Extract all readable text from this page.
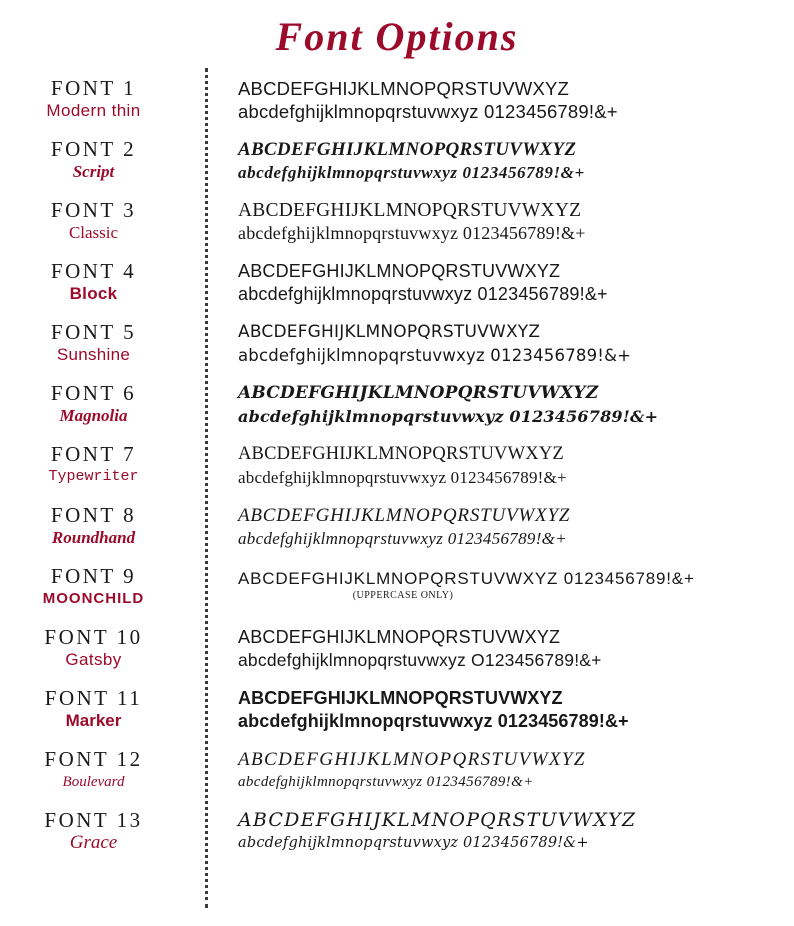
Font Options
FONT 1
Modern thin
ABCDEFGHIJKLMNOPQRSTUVWXYZ
abcdefghijklmnopqrstuvwxyz 0123456789!&+
FONT 2
Script
ABCDEFGHIJKLMNOPQRSTUVWXYZ
abcdefghijklmnopqrstuvwxyz 0123456789!&+
FONT 3
Classic
ABCDEFGHIJKLMNOPQRSTUVWXYZ
abcdefghijklmnopqrstuvwxyz 0123456789!&+
FONT 4
Block
ABCDEFGHIJKLMNOPQRSTUVWXYZ
abcdefghijklmnopqrstuvwxyz 0123456789!&+
FONT 5
Sunshine
ABCDEFGHIJKLMNOPQRSTUVWXYZ
abcdefghijklmnopqrstuvwxyz 0123456789!&+
FONT 6
Magnolia
ABCDEFGHIJKLMNOPQRSTUVWXYZ
abcdefghijklmnopqrstuvwxyz 0123456789!&+
FONT 7
Typewriter
ABCDEFGHIJKLMNOPQRSTUVWXYZ
abcdefghijklmnopqrstuvwxyz 0123456789!&+
FONT 8
Roundhand
ABCDEFGHIJKLMNOPQRSTUVWXYZ
abcdefghijklmnopqrstuvwxyz 0123456789!&+
FONT 9
MOONCHILD
ABCDEFGHIJKLMNOPQRSTUVWXYZ 0123456789!&+
(UPPERCASE ONLY)
FONT 10
Gatsby
ABCDEFGHIJKLMNOPQRSTUVWXYZ
abcdefghijklmnopqrstuvwxyz O123456789!&+
FONT 11
Marker
ABCDEFGHIJKLMNOPQRSTUVWXYZ
abcdefghijklmnopqrstuvwxyz 0123456789!&+
FONT 12
Boulevard
ABCDEFGHIJKLMNOPQRSTUVWXYZ
abcdefghijklmnopqrstuvwxyz 0123456789!&+
FONT 13
Grace
ABCDEFGHIJKLMNOPQRSTUVWXYZ
abcdefghijklmnopqrstuvwxyz 0123456789!&+
